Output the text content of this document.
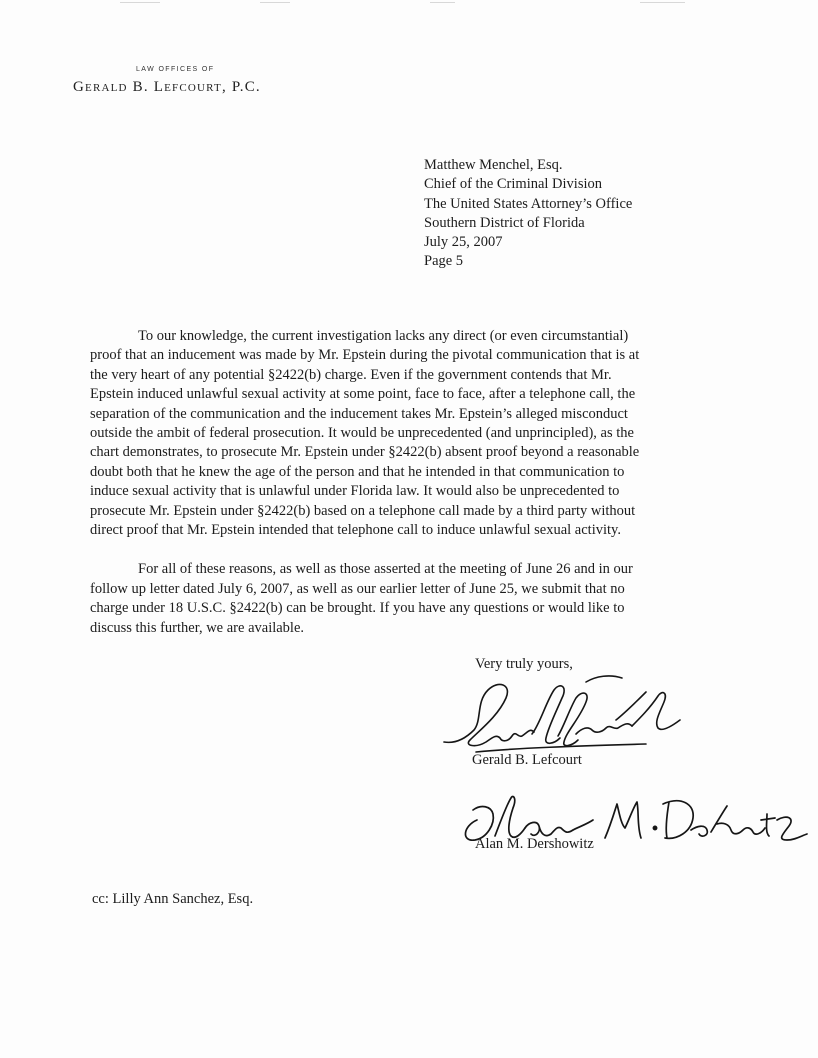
LAW OFFICES OF
Gerald B. Lefcourt, P.C.
Matthew Menchel, Esq.
Chief of the Criminal Division
The United States Attorney’s Office
Southern District of Florida
July 25, 2007
Page 5
To our knowledge, the current investigation lacks any direct (or even circumstantial)
proof that an inducement was made by Mr. Epstein during the pivotal communication that is at
the very heart of any potential §2422(b) charge. Even if the government contends that Mr.
Epstein induced unlawful sexual activity at some point, face to face, after a telephone call, the
separation of the communication and the inducement takes Mr. Epstein’s alleged misconduct
outside the ambit of federal prosecution. It would be unprecedented (and unprincipled), as the
chart demonstrates, to prosecute Mr. Epstein under §2422(b) absent proof beyond a reasonable
doubt both that he knew the age of the person and that he intended in that communication to
induce sexual activity that is unlawful under Florida law. It would also be unprecedented to
prosecute Mr. Epstein under §2422(b) based on a telephone call made by a third party without
direct proof that Mr. Epstein intended that telephone call to induce unlawful sexual activity.
For all of these reasons, as well as those asserted at the meeting of June 26 and in our
follow up letter dated July 6, 2007, as well as our earlier letter of June 25, we submit that no
charge under 18 U.S.C. §2422(b) can be brought. If you have any questions or would like to
discuss this further, we are available.
Very truly yours,
Gerald B. Lefcourt
Alan M. Dershowitz
cc: Lilly Ann Sanchez, Esq.
